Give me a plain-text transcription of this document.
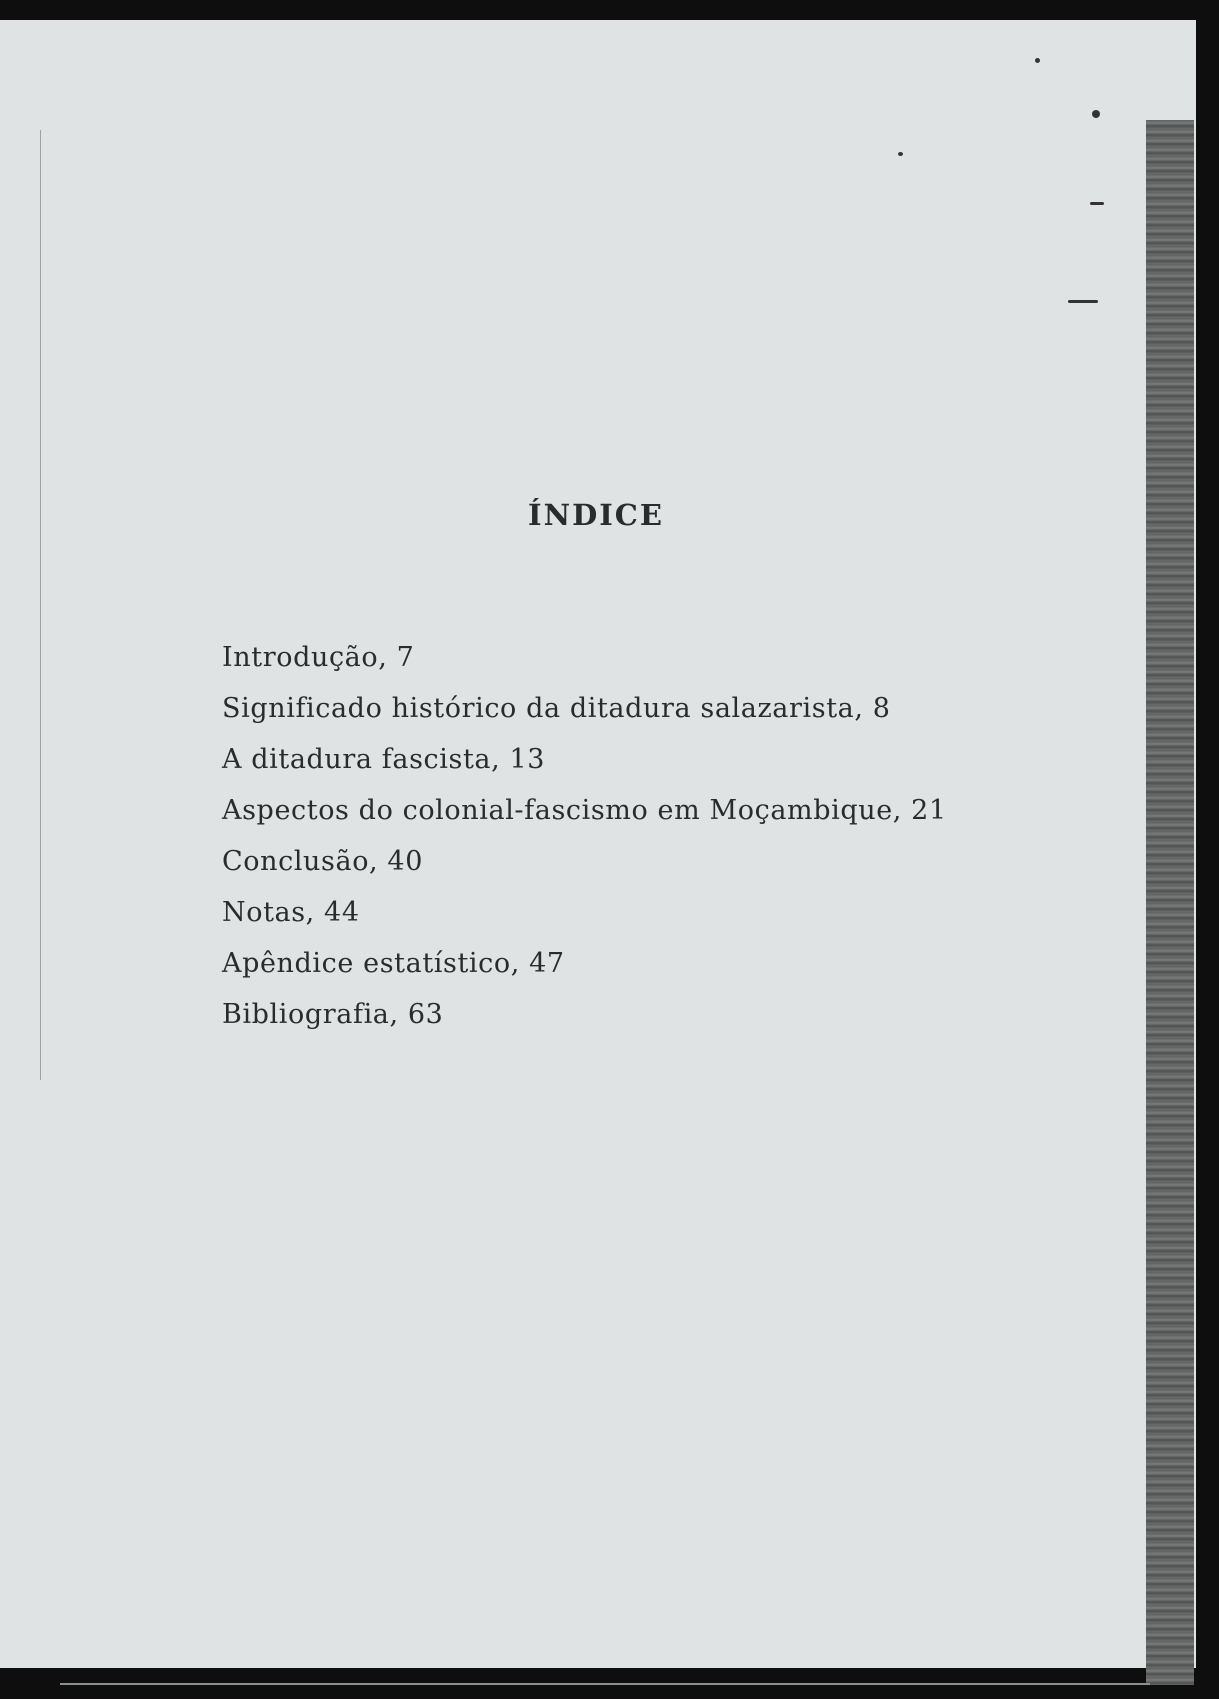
ÍNDICE
Introdução, 7
Significado histórico da ditadura salazarista, 8
A ditadura fascista, 13
Aspectos do colonial-fascismo em Moçambique, 21
Conclusão, 40
Notas, 44
Apêndice estatístico, 47
Bibliografia, 63
